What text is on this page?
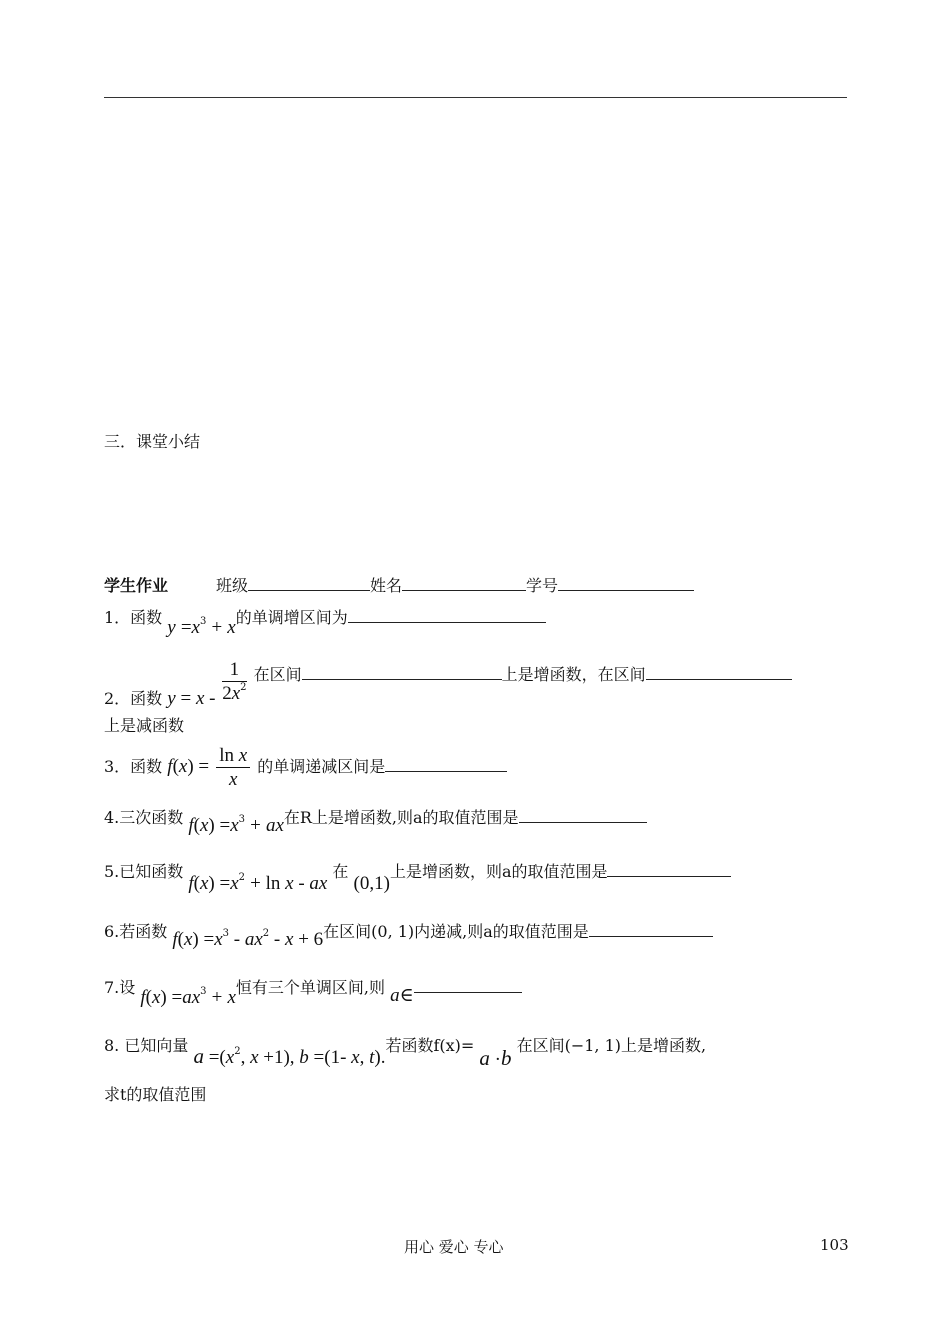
三．课堂小结
学生作业	班级	姓名	学号
1．函数 $y =x^3 + x$的单调增区间为
2．函数 $y = x - \frac{1}{2x^2}$ 在区间	上是增函数，在区间
上是减函数
3．函数 $f(x) = \frac{\text{ln x}}{x}$ 的单调递减区间是
4.三次函数 $f(x) =x^3$ + ax在R上是增函数,则a的取值范围是
5.已知函数 $f(x) =x^2 + \ln x$ - ax 在 (0,1)上是增函数，则a的取值范围是
6.若函数 $f(x) =x^3 - ax^2 - x + 6$在区间(0, 1)内递减,则a的取值范围是
7.设 $f(x) =ax^3 + x$恒有三个单调区间,则 a∈
8. 已知向量 $a =(x^2$, x +1), b =(1- x, t).若函数f(x)= a ·b 在区间(−1, 1)上是增函数,
求t的取值范围
用心 爱心 专心	103
